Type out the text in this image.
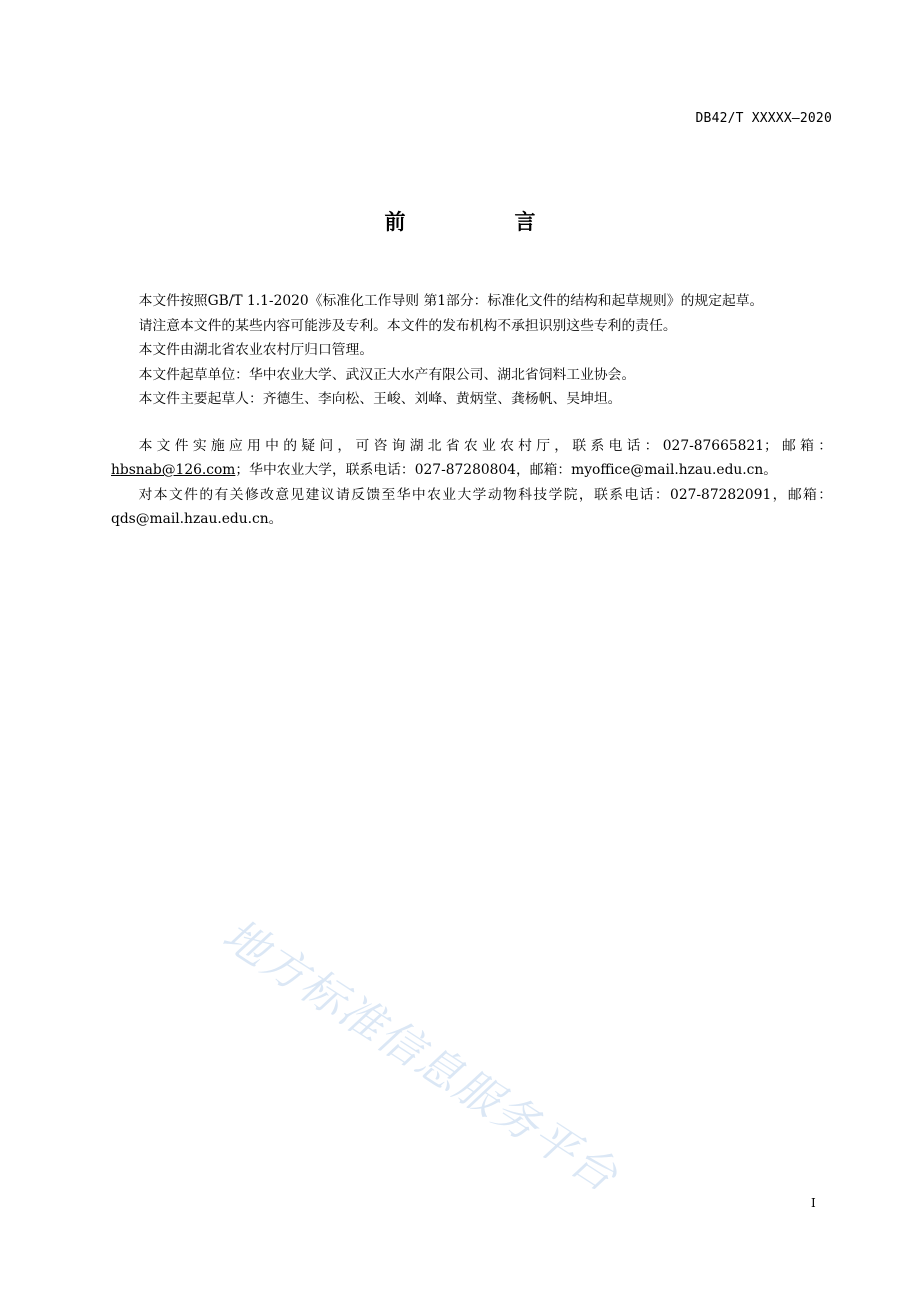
DB42/T XXXXX—2020
前　言

本文件按照GB/T 1.1-2020《标准化工作导则 第1部分：标准化文件的结构和起草规则》的规定起草。

请注意本文件的某些内容可能涉及专利。本文件的发布机构不承担识别这些专利的责任。

本文件由湖北省农业农村厅归口管理。

本文件起草单位：华中农业大学、武汉正大水产有限公司、湖北省饲料工业协会。

本文件主要起草人：齐德生、李向松、王峻、刘峰、黄炳堂、龚杨帆、吴坤坦。

本文件实施应用中的疑问，可咨询湖北省农业农村厅，联系电话：027-87665821；邮箱：hbsnab@126.com；华中农业大学，联系电话：027-87280804，邮箱：myoffice@mail.hzau.edu.cn。

对本文件的有关修改意见建议请反馈至华中农业大学动物科技学院，联系电话：027-87282091，邮箱：qds@mail.hzau.edu.cn。

地方标准信息服务平台
I
